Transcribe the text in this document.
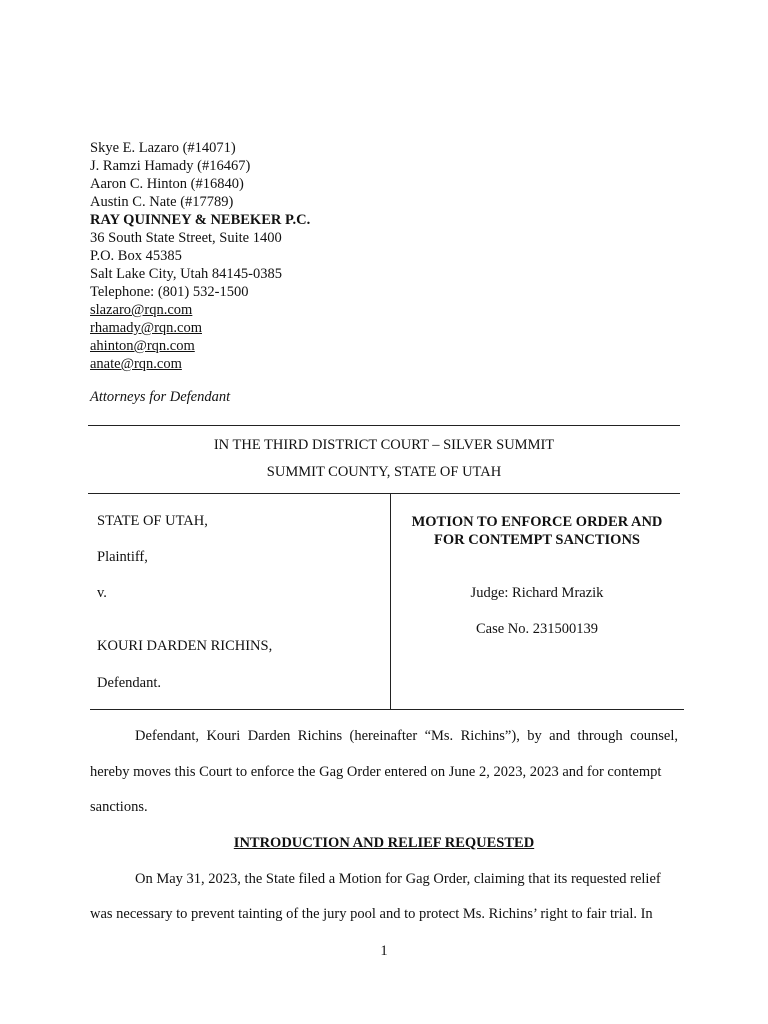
Skye E. Lazaro (#14071)
J. Ramzi Hamady (#16467)
Aaron C. Hinton (#16840)
Austin C. Nate (#17789)
RAY QUINNEY & NEBEKER P.C.
36 South State Street, Suite 1400
P.O. Box 45385
Salt Lake City, Utah 84145-0385
Telephone: (801) 532-1500
slazaro@rqn.com
rhamady@rqn.com
ahinton@rqn.com
anate@rqn.com
Attorneys for Defendant
IN THE THIRD DISTRICT COURT – SILVER SUMMIT
SUMMIT COUNTY, STATE OF UTAH
STATE OF UTAH,
Plaintiff,
v.
KOURI DARDEN RICHINS,
Defendant.
MOTION TO ENFORCE ORDER AND
FOR CONTEMPT SANCTIONS
Judge: Richard Mrazik
Case No. 231500139
Defendant, Kouri Darden Richins (hereinafter “Ms. Richins”), by and through counsel,
hereby moves this Court to enforce the Gag Order entered on June 2, 2023, 2023 and for contempt
sanctions.
INTRODUCTION AND RELIEF REQUESTED
On May 31, 2023, the State filed a Motion for Gag Order, claiming that its requested relief
was necessary to prevent tainting of the jury pool and to protect Ms. Richins’ right to fair trial. In
1
